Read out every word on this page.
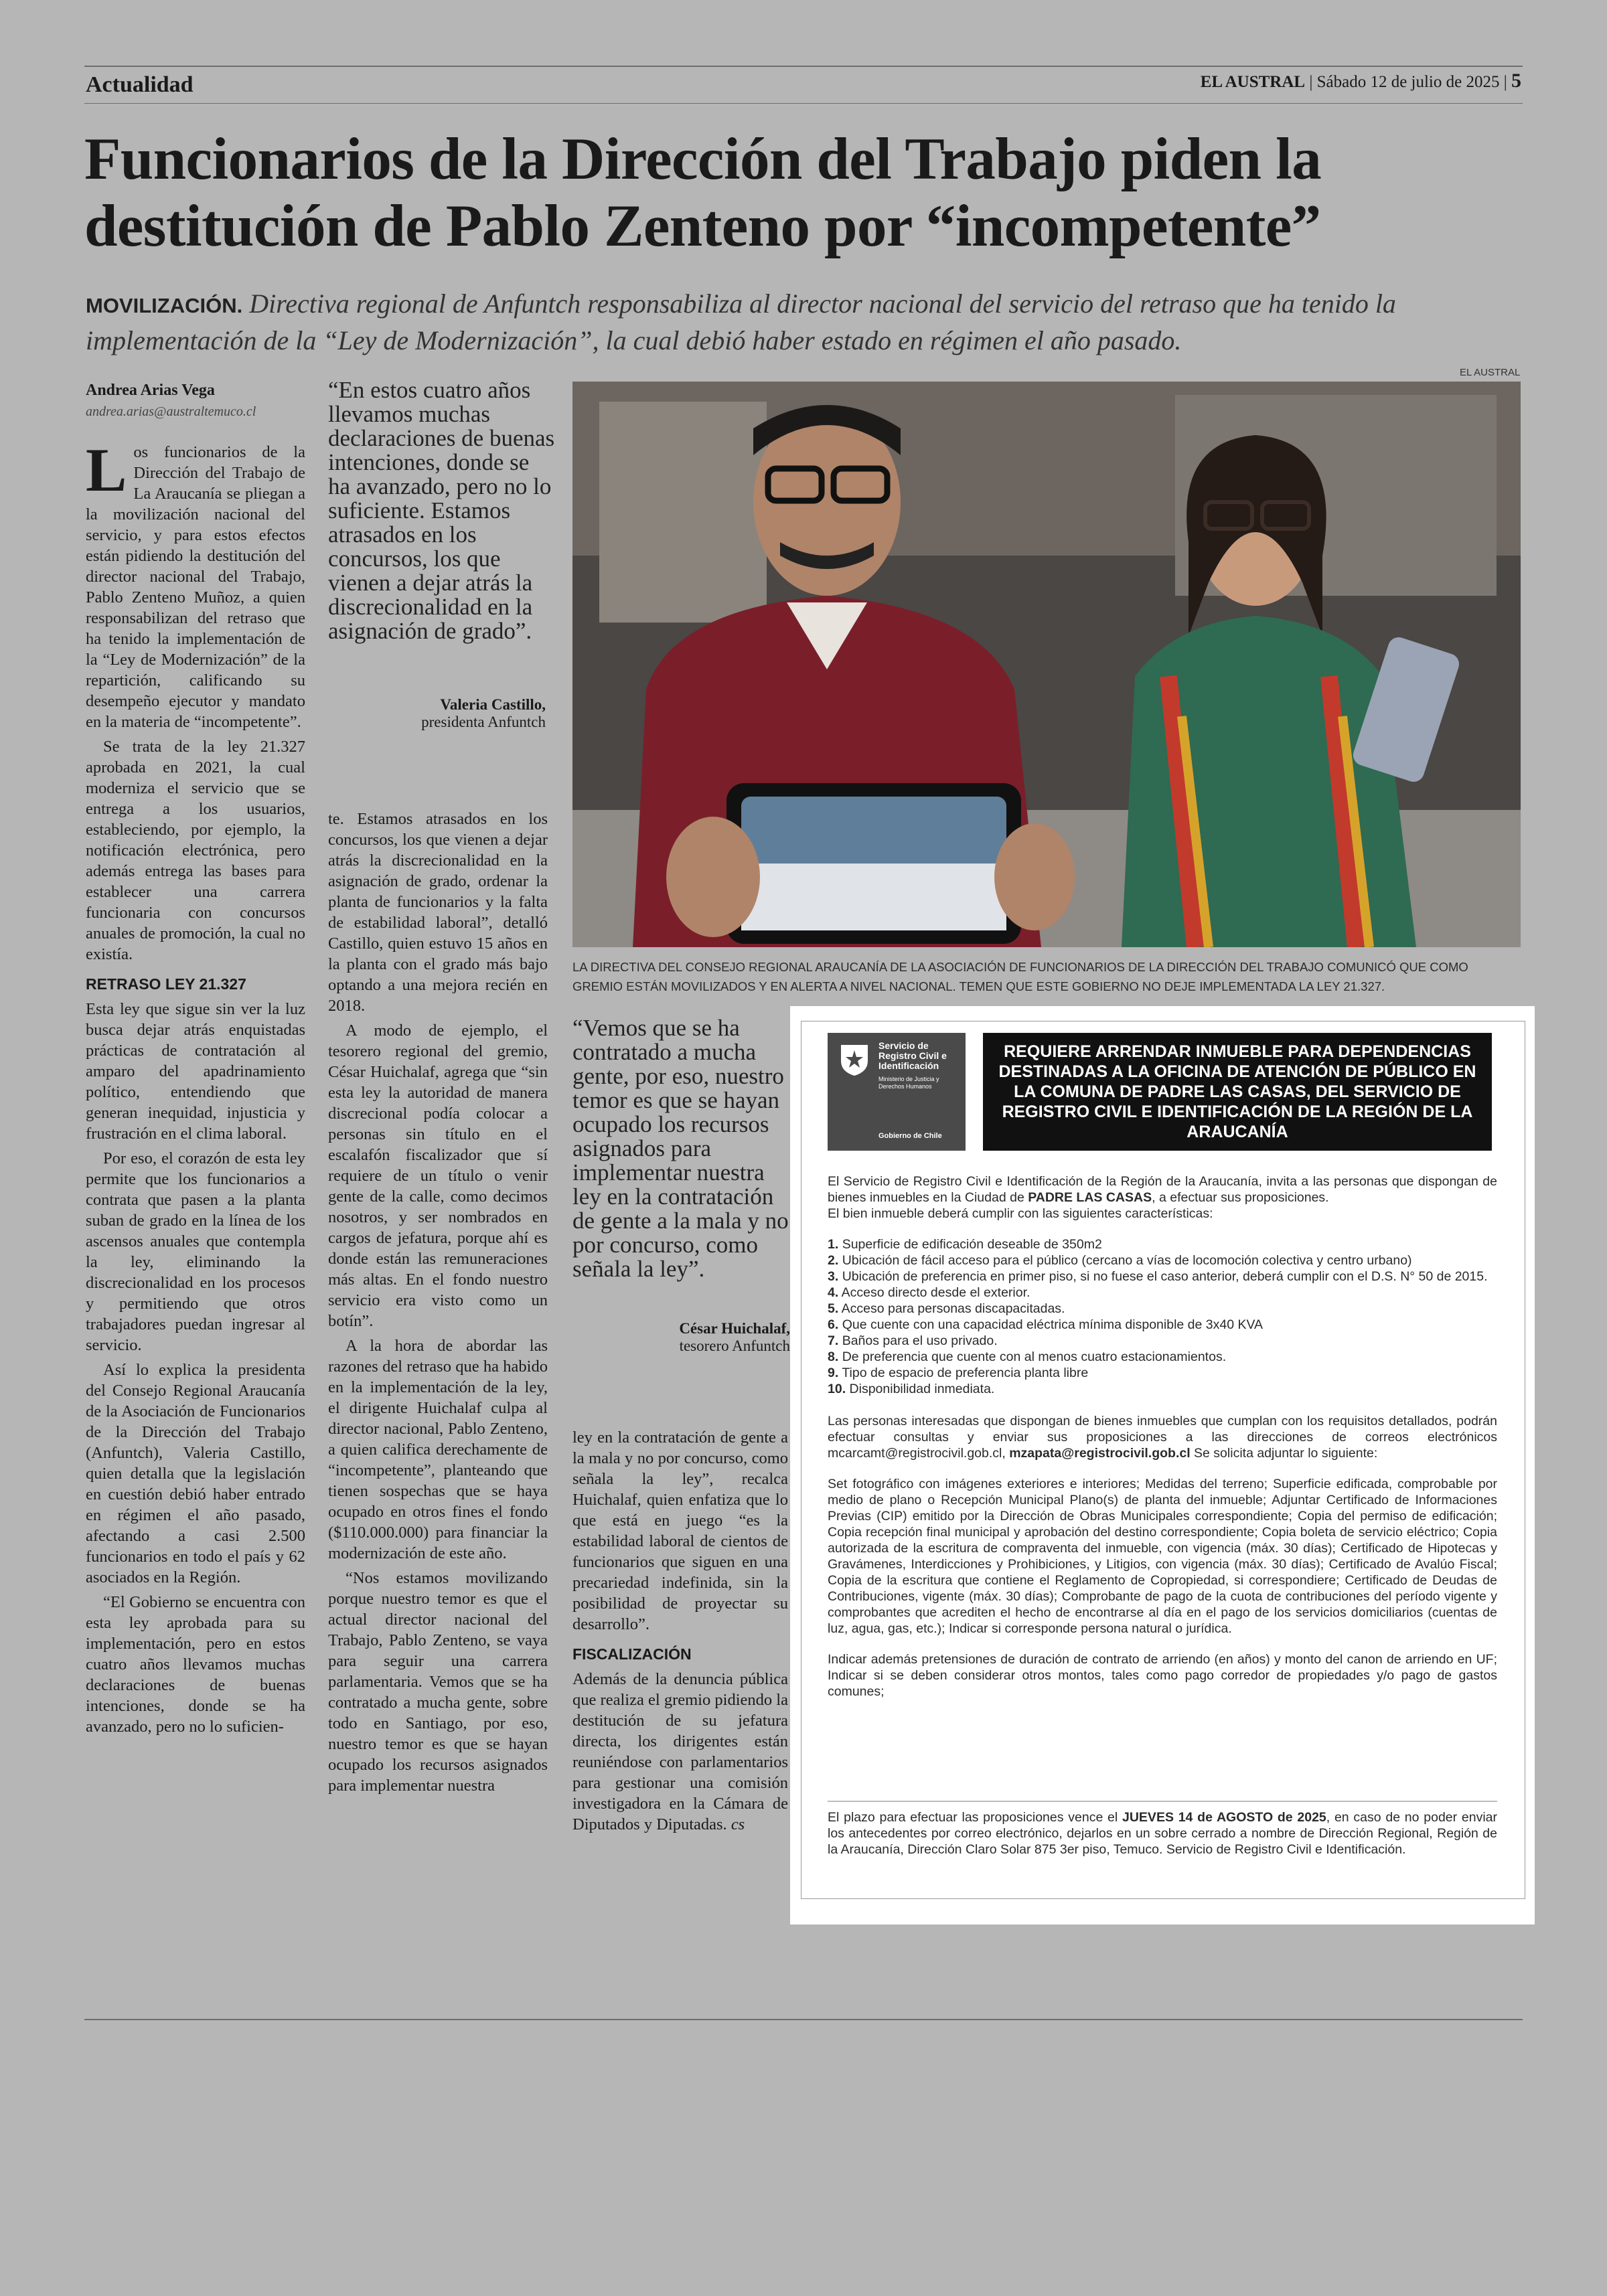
Actualidad	EL AUSTRAL | Sábado 12 de julio de 2025 | 5
Funcionarios de la Dirección del Trabajo piden la destitución de Pablo Zenteno por “incompetente”
MOVILIZACIÓN. Directiva regional de Anfuntch responsabiliza al director nacional del servicio del retraso que ha tenido la implementación de la “Ley de Modernización”, la cual debió haber estado en régimen el año pasado.
Andrea Arias Vega
andrea.arias@australtemuco.cl

Los funcionarios de la Dirección del Trabajo de La Araucanía se pliegan a la movilización nacional del servicio, y para estos efectos están pidiendo la destitución del director nacional del Trabajo, Pablo Zenteno Muñoz, a quien responsabilizan del retraso que ha tenido la implementación de la “Ley de Modernización” de la repartición, calificando su desempeño ejecutor y mandato en la materia de “incompetente”.

Se trata de la ley 21.327 aprobada en 2021, la cual moderniza el servicio que se entrega a los usuarios, estableciendo, por ejemplo, la notificación electrónica, pero además entrega las bases para establecer una carrera funcionaria con concursos anuales de promoción, la cual no existía.

RETRASO LEY 21.327

Esta ley que sigue sin ver la luz busca dejar atrás enquistadas prácticas de contratación al amparo del apadrinamiento político, entendiendo que generan inequidad, injusticia y frustración en el clima laboral.

Por eso, el corazón de esta ley permite que los funcionarios a contrata que pasen a la planta suban de grado en la línea de los ascensos anuales que contempla la ley, eliminando la discrecionalidad en los procesos y permitiendo que otros trabajadores puedan ingresar al servicio.

Así lo explica la presidenta del Consejo Regional Araucanía de la Asociación de Funcionarios de la Dirección del Trabajo (Anfuntch), Valeria Castillo, quien detalla que la legislación en cuestión debió haber entrado en régimen el año pasado, afectando a casi 2.500 funcionarios en todo el país y 62 asociados en la Región.

“El Gobierno se encuentra con esta ley aprobada para su implementación, pero en estos cuatro años llevamos muchas declaraciones de buenas intenciones, donde se ha avanzado, pero no lo suficien-

“En estos cuatro años llevamos muchas declaraciones de buenas intenciones, donde se ha avanzado, pero no lo suficiente. Estamos atrasados en los concursos, los que vienen a dejar atrás la discrecionalidad en la asignación de grado”.
Valeria Castillo,
presidenta Anfuntch

te. Estamos atrasados en los concursos, los que vienen a dejar atrás la discrecionalidad en la asignación de grado, ordenar la planta de funcionarios y la falta de estabilidad laboral”, detalló Castillo, quien estuvo 15 años en la planta con el grado más bajo optando a una mejora recién en 2018.

A modo de ejemplo, el tesorero regional del gremio, César Huichalaf, agrega que “sin esta ley la autoridad de manera discrecional podía colocar a personas sin título en el escalafón fiscalizador que sí requiere de un título o venir gente de la calle, como decimos nosotros, y ser nombrados en cargos de jefatura, porque ahí es donde están las remuneraciones más altas. En el fondo nuestro servicio era visto como un botín”.

A la hora de abordar las razones del retraso que ha habido en la implementación de la ley, el dirigente Huichalaf culpa al director nacional, Pablo Zenteno, a quien califica derechamente de “incompetente”, planteando que tienen sospechas que se haya ocupado en otros fines el fondo ($110.000.000) para financiar la modernización de este año.

“Nos estamos movilizando porque nuestro temor es que el actual director nacional del Trabajo, Pablo Zenteno, se vaya para seguir una carrera parlamentaria. Vemos que se ha contratado a mucha gente, sobre todo en Santiago, por eso, nuestro temor es que se hayan ocupado los recursos asignados para implementar nuestra

EL AUSTRAL
LA DIRECTIVA DEL CONSEJO REGIONAL ARAUCANÍA DE LA ASOCIACIÓN DE FUNCIONARIOS DE LA DIRECCIÓN DEL TRABAJO COMUNICÓ QUE COMO GREMIO ESTÁN MOVILIZADOS Y EN ALERTA A NIVEL NACIONAL. TEMEN QUE ESTE GOBIERNO NO DEJE IMPLEMENTADA LA LEY 21.327.
“Vemos que se ha contratado a mucha gente, por eso, nuestro temor es que se hayan ocupado los recursos asignados para implementar nuestra ley en la contratación de gente a la mala y no por concurso, como señala la ley”.
César Huichalaf,
tesorero Anfuntch

ley en la contratación de gente a la mala y no por concurso, como señala la ley”, recalca Huichalaf, quien enfatiza que lo que está en juego “es la estabilidad laboral de cientos de funcionarios que siguen en una precariedad indefinida, sin la posibilidad de proyectar su desarrollo”.

FISCALIZACIÓN

Además de la denuncia pública que realiza el gremio pidiendo la destitución de su jefatura directa, los dirigentes están reuniéndose con parlamentarios para gestionar una comisión investigadora en la Cámara de Diputados y Diputadas. cs

Servicio de
Registro Civil e
Identificación
Ministerio de Justicia y Derechos Humanos
Gobierno de Chile
REQUIERE ARRENDAR INMUEBLE PARA DEPENDENCIAS DESTINADAS A LA OFICINA DE ATENCIÓN DE PÚBLICO EN LA COMUNA DE PADRE LAS CASAS, DEL SERVICIO DE REGISTRO CIVIL E IDENTIFICACIÓN DE LA REGIÓN DE LA ARAUCANÍA

El Servicio de Registro Civil e Identificación de la Región de la Araucanía, invita a las personas que dispongan de bienes inmuebles en la Ciudad de PADRE LAS CASAS, a efectuar sus proposiciones.
El bien inmueble deberá cumplir con las siguientes características:

1. Superficie de edificación deseable de 350m2
2. Ubicación de fácil acceso para el público (cercano a vías de locomoción colectiva y centro urbano)
3. Ubicación de preferencia en primer piso, si no fuese el caso anterior, deberá cumplir con el D.S. N° 50 de 2015.
4. Acceso directo desde el exterior.
5. Acceso para personas discapacitadas.
6. Que cuente con una capacidad eléctrica mínima disponible de 3x40 KVA
7. Baños para el uso privado.
8. De preferencia que cuente con al menos cuatro estacionamientos.
9. Tipo de espacio de preferencia planta libre
10. Disponibilidad inmediata.

Las personas interesadas que dispongan de bienes inmuebles que cumplan con los requisitos detallados, podrán efectuar consultas y enviar sus proposiciones a las direcciones de correos electrónicos mcarcamt@registrocivil.gob.cl, mzapata@registrocivil.gob.cl Se solicita adjuntar lo siguiente:

Set fotográfico con imágenes exteriores e interiores; Medidas del terreno; Superficie edificada, comprobable por medio de plano o Recepción Municipal Plano(s) de planta del inmueble; Adjuntar Certificado de Informaciones Previas (CIP) emitido por la Dirección de Obras Municipales correspondiente; Copia del permiso de edificación; Copia recepción final municipal y aprobación del destino correspondiente; Copia boleta de servicio eléctrico; Copia autorizada de la escritura de compraventa del inmueble, con vigencia (máx. 30 días); Certificado de Hipotecas y Gravámenes, Interdicciones y Prohibiciones, y Litigios, con vigencia (máx. 30 días); Certificado de Avalúo Fiscal; Copia de la escritura que contiene el Reglamento de Copropiedad, si correspondiere; Certificado de Deudas de Contribuciones, vigente (máx. 30 días); Comprobante de pago de la cuota de contribuciones del período vigente y comprobantes que acrediten el hecho de encontrarse al día en el pago de los servicios domiciliarios (cuentas de luz, agua, gas, etc.); Indicar si corresponde persona natural o jurídica.

Indicar además pretensiones de duración de contrato de arriendo (en años) y monto del canon de arriendo en UF; Indicar si se deben considerar otros montos, tales como pago corredor de propiedades y/o pago de gastos comunes;

El plazo para efectuar las proposiciones vence el JUEVES 14 de AGOSTO de 2025, en caso de no poder enviar los antecedentes por correo electrónico, dejarlos en un sobre cerrado a nombre de Dirección Regional, Región de la Araucanía, Dirección Claro Solar 875 3er piso, Temuco. Servicio de Registro Civil e Identificación.
